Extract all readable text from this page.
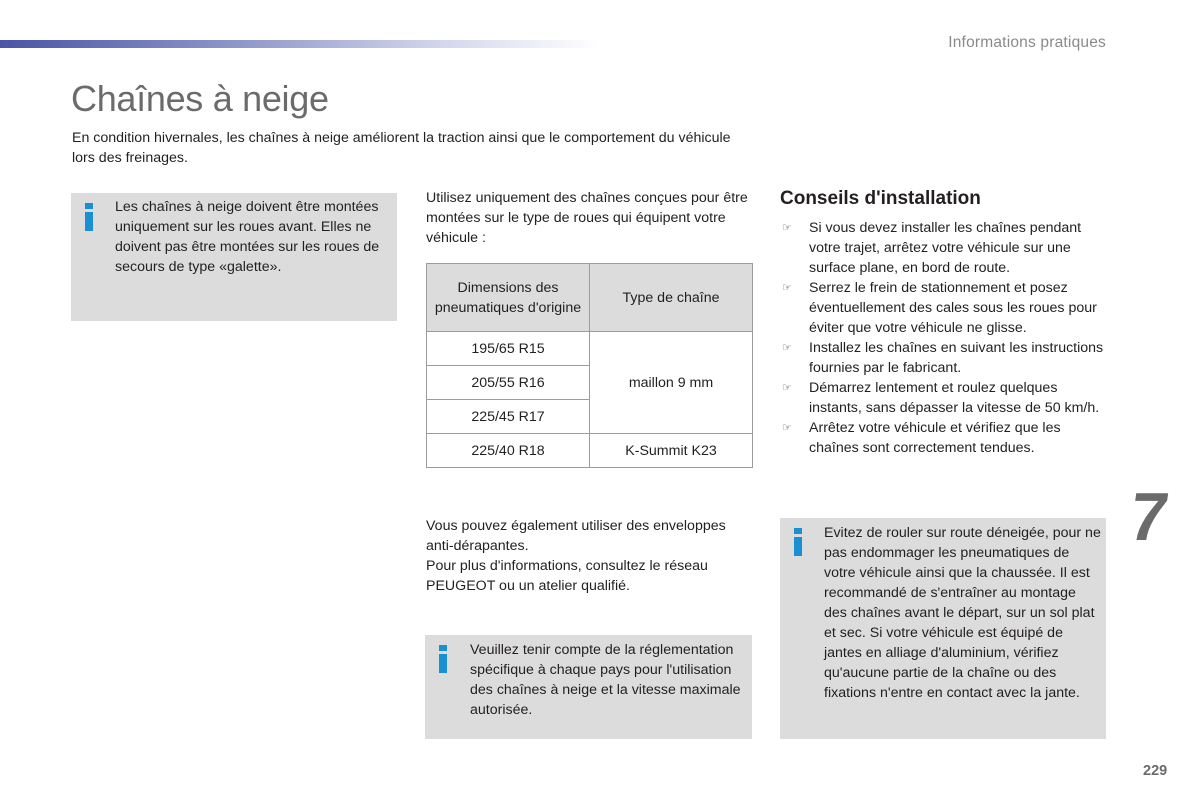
Informations pratiques
Chaînes à neige

En condition hivernales, les chaînes à neige améliorent la traction ainsi que le comportement du véhicule lors des freinages.

Les chaînes à neige doivent être montées uniquement sur les roues avant. Elles ne doivent pas être montées sur les roues de secours de type «galette».

Utilisez uniquement des chaînes conçues pour être montées sur le type de roues qui équipent votre véhicule :

Dimensions des pneumatiques d'origine	Type de chaîne
195/65 R15	maillon 9 mm
205/55 R16	
225/45 R17	
225/40 R18	K-Summit K23

Vous pouvez également utiliser des enveloppes anti-dérapantes.

Pour plus d'informations, consultez le réseau PEUGEOT ou un atelier qualifié.

Veuillez tenir compte de la réglementation spécifique à chaque pays pour l'utilisation des chaînes à neige et la vitesse maximale autorisée.

Conseils d'installation
☞ Si vous devez installer les chaînes pendant votre trajet, arrêtez votre véhicule sur une surface plane, en bord de route.
☞ Serrez le frein de stationnement et posez éventuellement des cales sous les roues pour éviter que votre véhicule ne glisse.
☞ Installez les chaînes en suivant les instructions fournies par le fabricant.
☞ Démarrez lentement et roulez quelques instants, sans dépasser la vitesse de 50 km/h.
☞ Arrêtez votre véhicule et vérifiez que les chaînes sont correctement tendues.

Evitez de rouler sur route déneigée, pour ne pas endommager les pneumatiques de votre véhicule ainsi que la chaussée. Il est recommandé de s'entraîner au montage des chaînes avant le départ, sur un sol plat et sec. Si votre véhicule est équipé de jantes en alliage d'aluminium, vérifiez qu'aucune partie de la chaîne ou des fixations n'entre en contact avec la jante.

7
229
